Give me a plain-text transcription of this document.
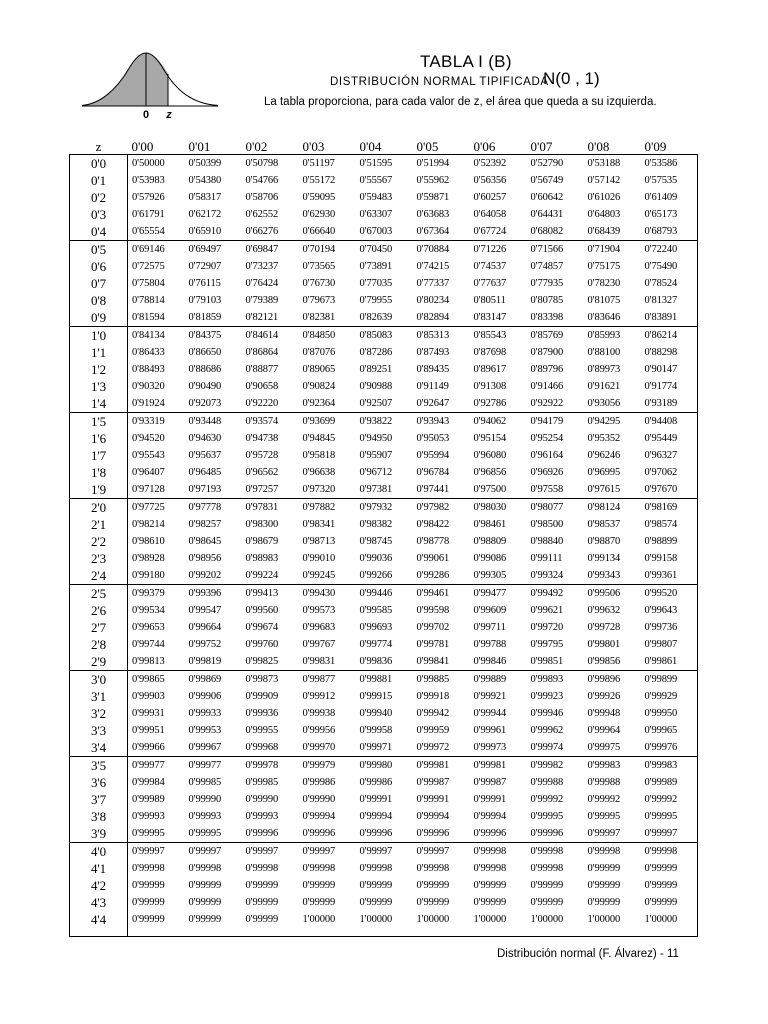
0 z
TABLA I (B)
DISTRIBUCIÓN NORMAL TIPIFICADA
N(0 , 1)
La tabla proporciona, para cada valor de z, el área que queda a su izquierda.
z	0'00	0'01	0'02	0'03	0'04	0'05	0'06	0'07	0'08	0'09
0'0	0'50000	0'50399	0'50798	0'51197	0'51595	0'51994	0'52392	0'52790	0'53188	0'53586
0'1	0'53983	0'54380	0'54766	0'55172	0'55567	0'55962	0'56356	0'56749	0'57142	0'57535
0'2	0'57926	0'58317	0'58706	0'59095	0'59483	0'59871	0'60257	0'60642	0'61026	0'61409
0'3	0'61791	0'62172	0'62552	0'62930	0'63307	0'63683	0'64058	0'64431	0'64803	0'65173
0'4	0'65554	0'65910	0'66276	0'66640	0'67003	0'67364	0'67724	0'68082	0'68439	0'68793
0'5	0'69146	0'69497	0'69847	0'70194	0'70450	0'70884	0'71226	0'71566	0'71904	0'72240
0'6	0'72575	0'72907	0'73237	0'73565	0'73891	0'74215	0'74537	0'74857	0'75175	0'75490
0'7	0'75804	0'76115	0'76424	0'76730	0'77035	0'77337	0'77637	0'77935	0'78230	0'78524
0'8	0'78814	0'79103	0'79389	0'79673	0'79955	0'80234	0'80511	0'80785	0'81075	0'81327
0'9	0'81594	0'81859	0'82121	0'82381	0'82639	0'82894	0'83147	0'83398	0'83646	0'83891
1'0	0'84134	0'84375	0'84614	0'84850	0'85083	0'85313	0'85543	0'85769	0'85993	0'86214
1'1	0'86433	0'86650	0'86864	0'87076	0'87286	0'87493	0'87698	0'87900	0'88100	0'88298
1'2	0'88493	0'88686	0'88877	0'89065	0'89251	0'89435	0'89617	0'89796	0'89973	0'90147
1'3	0'90320	0'90490	0'90658	0'90824	0'90988	0'91149	0'91308	0'91466	0'91621	0'91774
1'4	0'91924	0'92073	0'92220	0'92364	0'92507	0'92647	0'92786	0'92922	0'93056	0'93189
1'5	0'93319	0'93448	0'93574	0'93699	0'93822	0'93943	0'94062	0'94179	0'94295	0'94408
1'6	0'94520	0'94630	0'94738	0'94845	0'94950	0'95053	0'95154	0'95254	0'95352	0'95449
1'7	0'95543	0'95637	0'95728	0'95818	0'95907	0'95994	0'96080	0'96164	0'96246	0'96327
1'8	0'96407	0'96485	0'96562	0'96638	0'96712	0'96784	0'96856	0'96926	0'96995	0'97062
1'9	0'97128	0'97193	0'97257	0'97320	0'97381	0'97441	0'97500	0'97558	0'97615	0'97670
2'0	0'97725	0'97778	0'97831	0'97882	0'97932	0'97982	0'98030	0'98077	0'98124	0'98169
2'1	0'98214	0'98257	0'98300	0'98341	0'98382	0'98422	0'98461	0'98500	0'98537	0'98574
2'2	0'98610	0'98645	0'98679	0'98713	0'98745	0'98778	0'98809	0'98840	0'98870	0'98899
2'3	0'98928	0'98956	0'98983	0'99010	0'99036	0'99061	0'99086	0'99111	0'99134	0'99158
2'4	0'99180	0'99202	0'99224	0'99245	0'99266	0'99286	0'99305	0'99324	0'99343	0'99361
2'5	0'99379	0'99396	0'99413	0'99430	0'99446	0'99461	0'99477	0'99492	0'99506	0'99520
2'6	0'99534	0'99547	0'99560	0'99573	0'99585	0'99598	0'99609	0'99621	0'99632	0'99643
2'7	0'99653	0'99664	0'99674	0'99683	0'99693	0'99702	0'99711	0'99720	0'99728	0'99736
2'8	0'99744	0'99752	0'99760	0'99767	0'99774	0'99781	0'99788	0'99795	0'99801	0'99807
2'9	0'99813	0'99819	0'99825	0'99831	0'99836	0'99841	0'99846	0'99851	0'99856	0'99861
3'0	0'99865	0'99869	0'99873	0'99877	0'99881	0'99885	0'99889	0'99893	0'99896	0'99899
3'1	0'99903	0'99906	0'99909	0'99912	0'99915	0'99918	0'99921	0'99923	0'99926	0'99929
3'2	0'99931	0'99933	0'99936	0'99938	0'99940	0'99942	0'99944	0'99946	0'99948	0'99950
3'3	0'99951	0'99953	0'99955	0'99956	0'99958	0'99959	0'99961	0'99962	0'99964	0'99965
3'4	0'99966	0'99967	0'99968	0'99970	0'99971	0'99972	0'99973	0'99974	0'99975	0'99976
3'5	0'99977	0'99977	0'99978	0'99979	0'99980	0'99981	0'99981	0'99982	0'99983	0'99983
3'6	0'99984	0'99985	0'99985	0'99986	0'99986	0'99987	0'99987	0'99988	0'99988	0'99989
3'7	0'99989	0'99990	0'99990	0'99990	0'99991	0'99991	0'99991	0'99992	0'99992	0'99992
3'8	0'99993	0'99993	0'99993	0'99994	0'99994	0'99994	0'99994	0'99995	0'99995	0'99995
3'9	0'99995	0'99995	0'99996	0'99996	0'99996	0'99996	0'99996	0'99996	0'99997	0'99997
4'0	0'99997	0'99997	0'99997	0'99997	0'99997	0'99997	0'99998	0'99998	0'99998	0'99998
4'1	0'99998	0'99998	0'99998	0'99998	0'99998	0'99998	0'99998	0'99998	0'99999	0'99999
4'2	0'99999	0'99999	0'99999	0'99999	0'99999	0'99999	0'99999	0'99999	0'99999	0'99999
4'3	0'99999	0'99999	0'99999	0'99999	0'99999	0'99999	0'99999	0'99999	0'99999	0'99999
4'4	0'99999	0'99999	0'99999	1'00000	1'00000	1'00000	1'00000	1'00000	1'00000	1'00000

Distribución normal (F. Álvarez) - 11
